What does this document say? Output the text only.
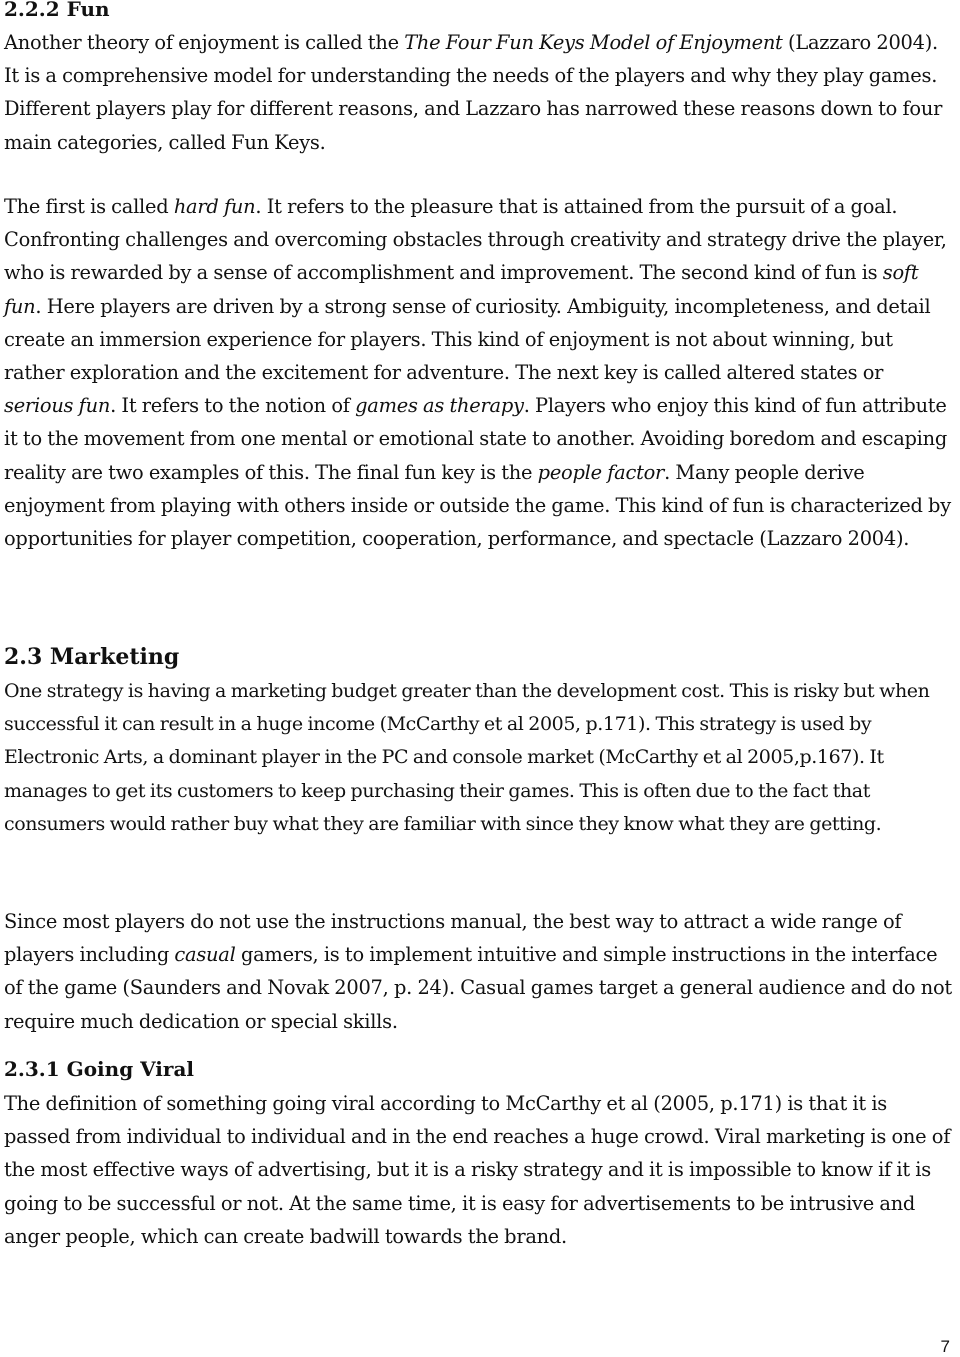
2.2.2 Fun

Another theory of enjoyment is called the The Four Fun Keys Model of Enjoyment (Lazzaro 2004). It is a comprehensive model for understanding the needs of the players and why they play games. Different players play for different reasons, and Lazzaro has narrowed these reasons down to four main categories, called Fun Keys.

The first is called hard fun. It refers to the pleasure that is attained from the pursuit of a goal. Confronting challenges and overcoming obstacles through creativity and strategy drive the player, who is rewarded by a sense of accomplishment and improvement. The second kind of fun is soft fun. Here players are driven by a strong sense of curiosity. Ambiguity, incompleteness, and detail create an immersion experience for players. This kind of enjoyment is not about winning, but rather exploration and the excitement for adventure. The next key is called altered states or serious fun. It refers to the notion of games as therapy. Players who enjoy this kind of fun attribute it to the movement from one mental or emotional state to another. Avoiding boredom and escaping reality are two examples of this. The final fun key is the people factor. Many people derive enjoyment from playing with others inside or outside the game. This kind of fun is characterized by opportunities for player competition, cooperation, performance, and spectacle (Lazzaro 2004).

2.3 Marketing

One strategy is having a marketing budget greater than the development cost. This is risky but when successful it can result in a huge income (McCarthy et al 2005, p.171). This strategy is used by Electronic Arts, a dominant player in the PC and console market (McCarthy et al 2005,p.167). It manages to get its customers to keep purchasing their games. This is often due to the fact that consumers would rather buy what they are familiar with since they know what they are getting.

Since most players do not use the instructions manual, the best way to attract a wide range of players including casual gamers, is to implement intuitive and simple instructions in the interface of the game (Saunders and Novak 2007, p. 24). Casual games target a general audience and do not require much dedication or special skills.

2.3.1 Going Viral

The definition of something going viral according to McCarthy et al (2005, p.171) is that it is passed from individual to individual and in the end reaches a huge crowd. Viral marketing is one of the most effective ways of advertising, but it is a risky strategy and it is impossible to know if it is going to be successful or not. At the same time, it is easy for advertisements to be intrusive and anger people, which can create badwill towards the brand.

7
